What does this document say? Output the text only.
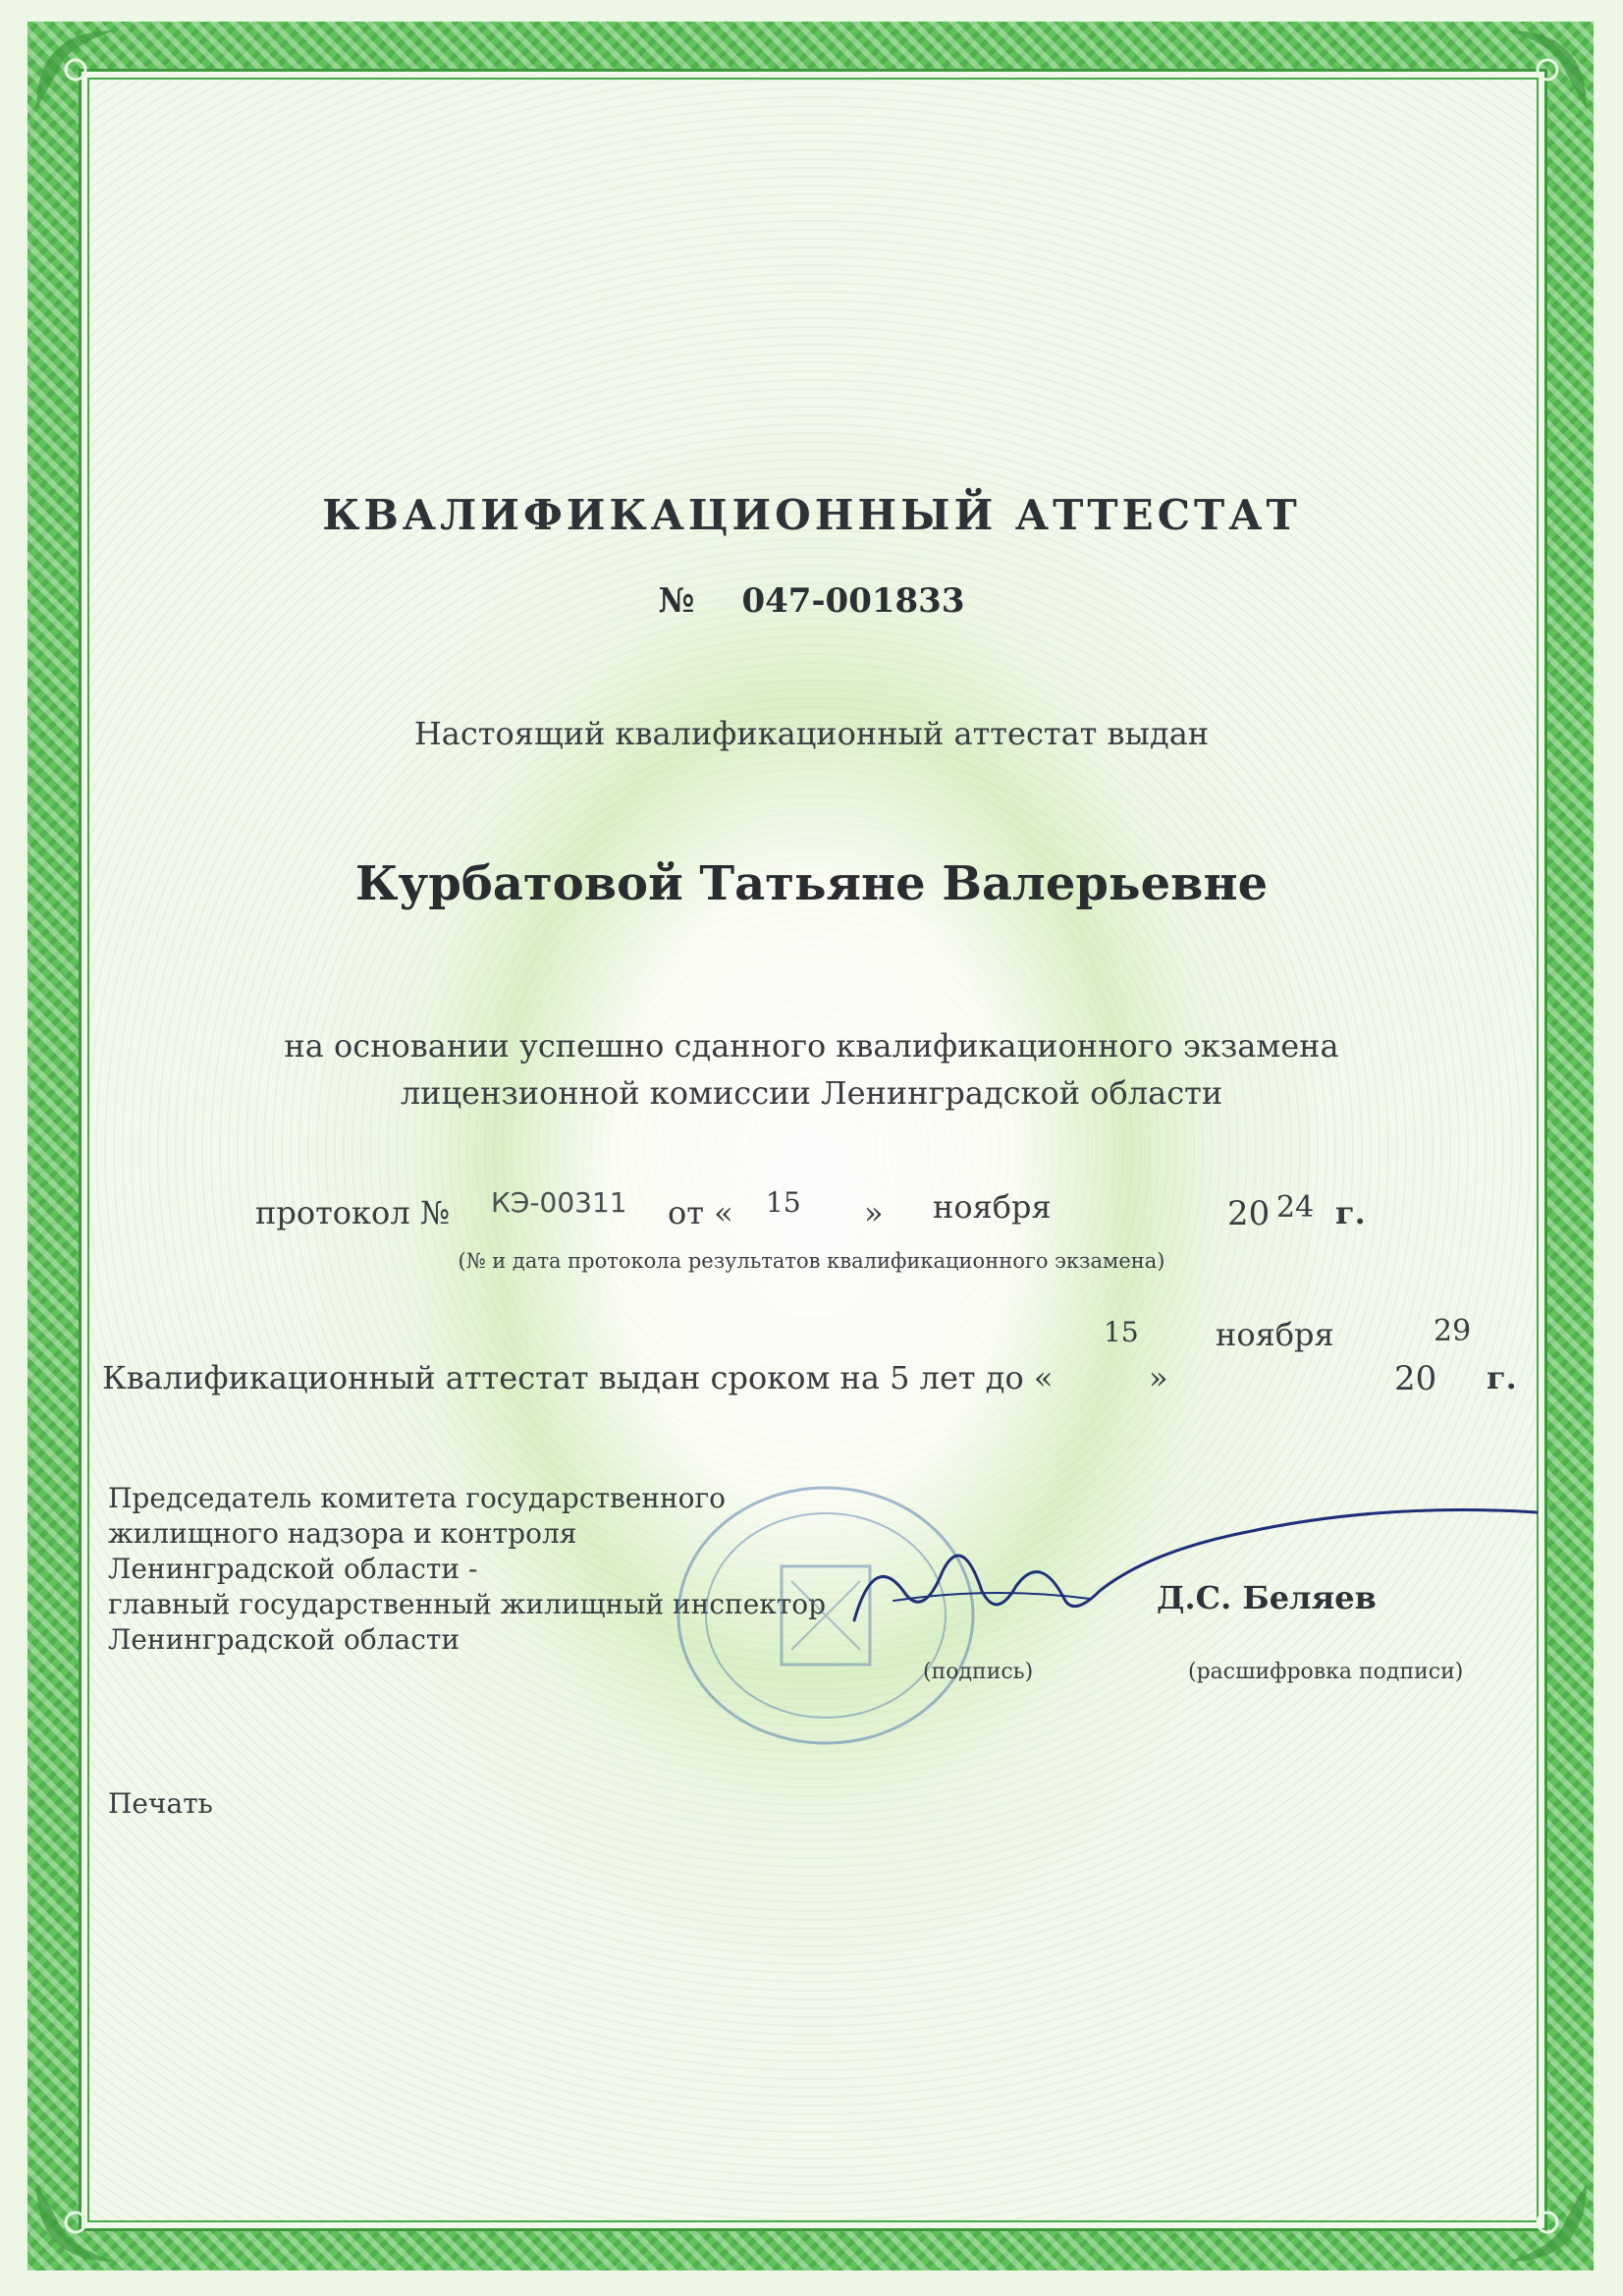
КВАЛИФИКАЦИОННЫЙ АТТЕСТАТ
№ 047-001833
Настоящий квалификационный аттестат выдан
Курбатовой Татьяне Валерьевне
на основании успешно сданного квалификационного экзамена
лицензионной комиссии Ленинградской области
протокол № КЭ-00311 от « 15 » ноября	20 24 г.
(№ и дата протокола результатов квалификационного экзамена)
Квалификационный аттестат выдан сроком на 5 лет до «
15
»
ноября
20
29
г.
Председатель комитета государственного
жилищного надзора и контроля
Ленинградской области -
главный государственный жилищный инспектор
Ленинградской области
Д.С. Беляев
(подпись)	(расшифровка подписи)
Печать
